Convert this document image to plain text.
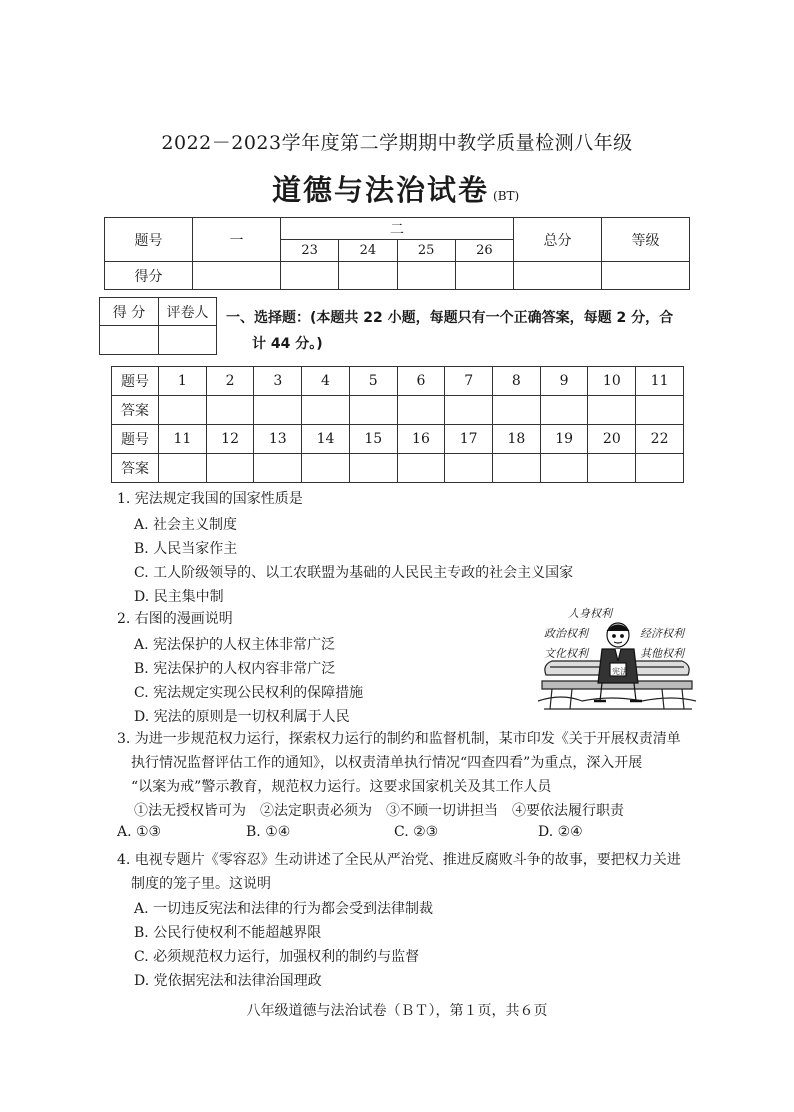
2022－2023学年度第二学期期中教学质量检测八年级
道德与法治试卷 (BT)
题号	一	二				总分	等级
		23	24	25	26		
得分							
得 分	评卷人
	一、选择题：(本题共 22 小题，每题只有一个正确答案，每题 2 分，合
计 44 分。)
题号	1	2	3	4	5	6	7	8	9	10	11
答案											
题号	11	12	13	14	15	16	17	18	19	20	22
答案											
1. 宪法规定我国的国家性质是
A. 社会主义制度
B. 人民当家作主
C. 工人阶级领导的、以工农联盟为基础的人民民主专政的社会主义国家
D. 民主集中制
2. 右图的漫画说明
A. 宪法保护的人权主体非常广泛
B. 宪法保护的人权内容非常广泛
C. 宪法规定实现公民权利的保障措施
D. 宪法的原则是一切权利属于人民
人身权利
政治权利	经济权利
文化权利	其他权利
宪法
3. 为进一步规范权力运行，探索权力运行的制约和监督机制，某市印发《关于开展权责清单
执行情况监督评估工作的通知》，以权责清单执行情况“四查四看”为重点，深入开展
“以案为戒”警示教育，规范权力运行。这要求国家机关及其工作人员
①法无授权皆可为　②法定职责必须为　③不顾一切讲担当　④要依法履行职责
A. ①③	B. ①④	C. ②③	D. ②④
4. 电视专题片《零容忍》生动讲述了全民从严治党、推进反腐败斗争的故事，要把权力关进
制度的笼子里。这说明
A. 一切违反宪法和法律的行为都会受到法律制裁
B. 公民行使权利不能超越界限
C. 必须规范权力运行，加强权利的制约与监督
D. 党依据宪法和法律治国理政
八年级道德与法治试卷（ＢＴ），第１页，共６页
